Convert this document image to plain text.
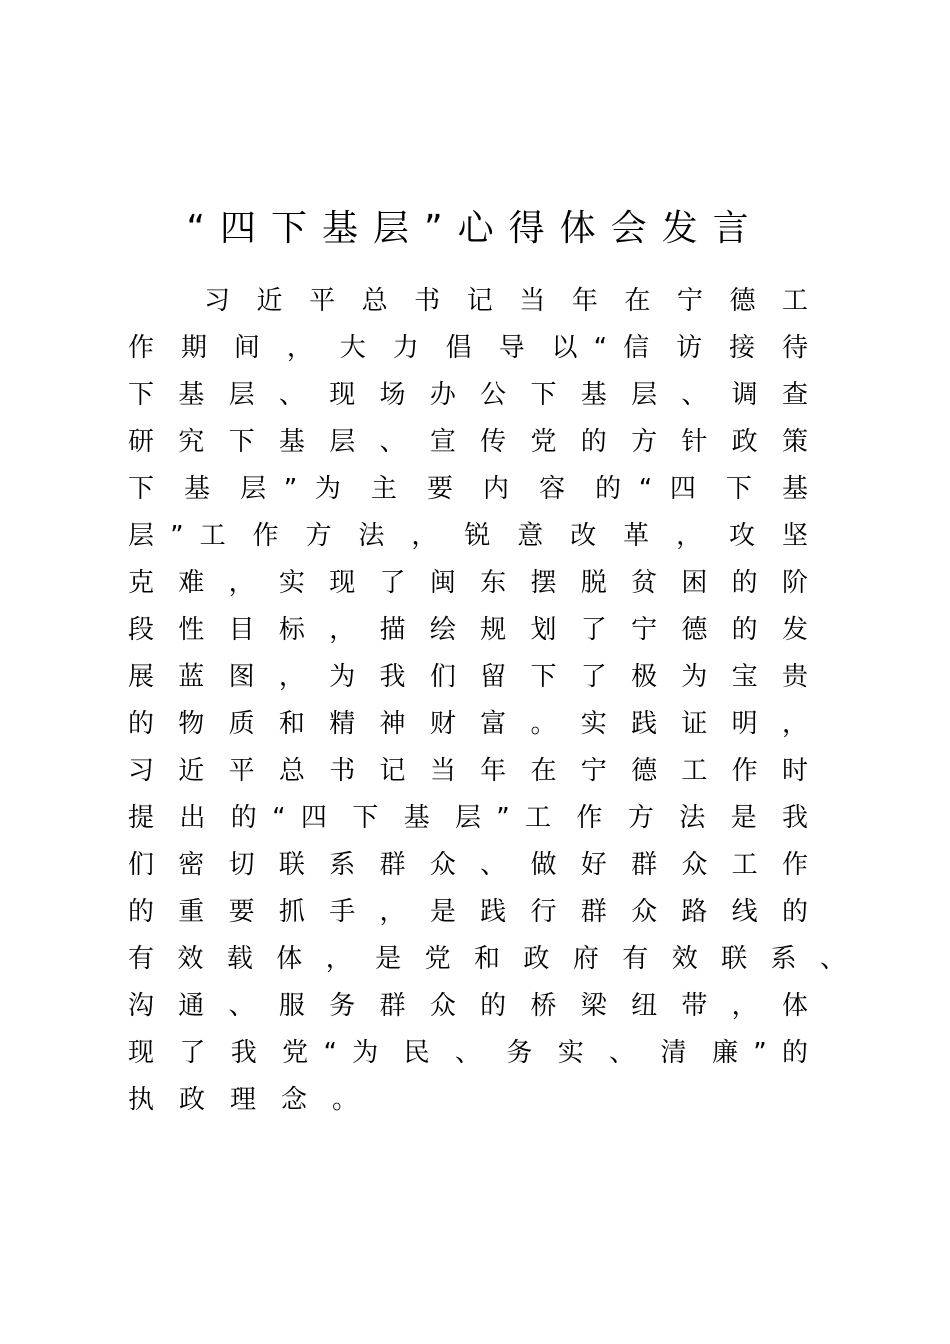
“四下基层”心得体会发言
习 近 平 总 书 记 当 年 在 宁 德 工
作 期 间 ， 大 力 倡 导 以 “ 信 访 接 待
下 基 层 、 现 场 办 公 下 基 层 、 调 查
研 究 下 基 层 、 宣 传 党 的 方 针 政 策
下 基 层 ” 为 主 要 内 容 的 “ 四 下 基
层 ” 工 作 方 法 ， 锐 意 改 革 ， 攻 坚
克 难 ， 实 现 了 闽 东 摆 脱 贫 困 的 阶
段 性 目 标 ， 描 绘 规 划 了 宁 德 的 发
展 蓝 图 ， 为 我 们 留 下 了 极 为 宝 贵
的 物 质 和 精 神 财 富 。 实 践 证 明 ，
习 近 平 总 书 记 当 年 在 宁 德 工 作 时
提 出 的 “ 四 下 基 层 ” 工 作 方 法 是 我
们 密 切 联 系 群 众 、 做 好 群 众 工 作
的 重 要 抓 手 ， 是 践 行 群 众 路 线 的
有 效 载 体 ， 是 党 和 政 府 有 效 联 系 、
沟 通 、 服 务 群 众 的 桥 梁 纽 带 ， 体
现 了 我 党 “ 为 民 、 务 实 、 清 廉 ” 的
执政理念。
